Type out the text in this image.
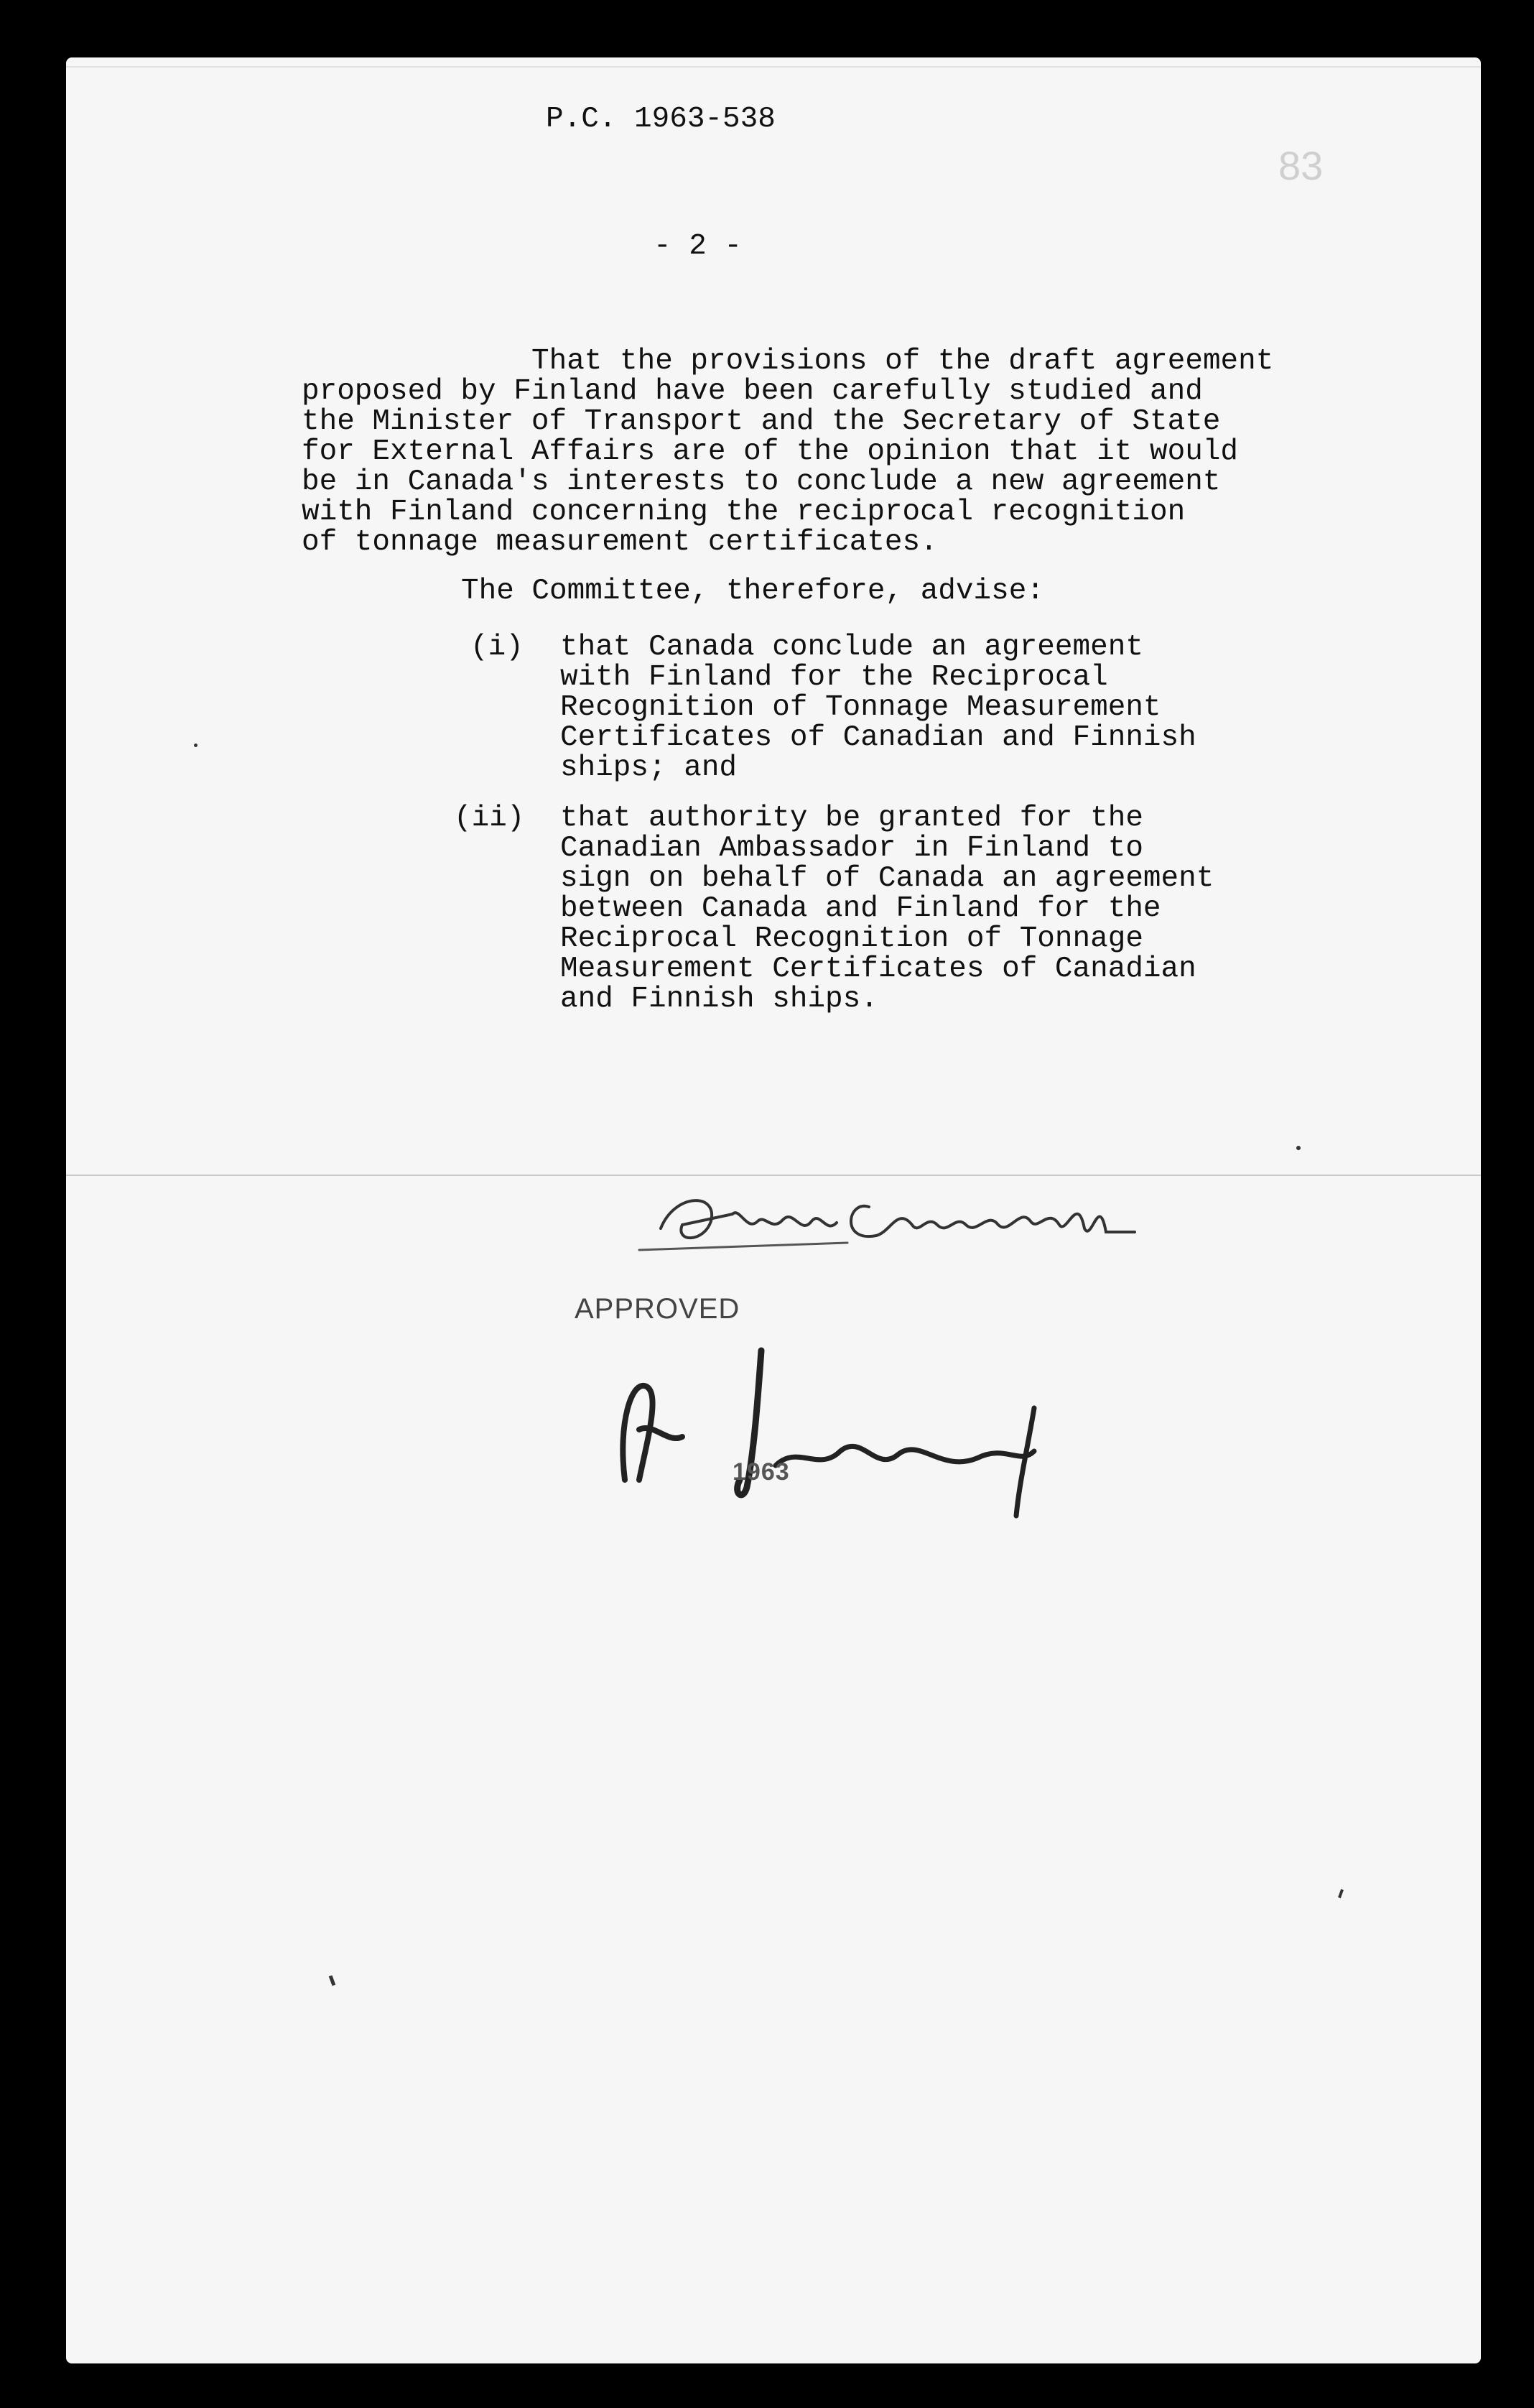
P.C. 1963-538
83
- 2 -
That the provisions of the draft agreement
proposed by Finland have been carefully studied and
the Minister of Transport and the Secretary of State
for External Affairs are of the opinion that it would
be in Canada's interests to conclude a new agreement
with Finland concerning the reciprocal recognition
of tonnage measurement certificates.
The Committee, therefore, advise:
(i) that Canada conclude an agreement
with Finland for the Reciprocal
Recognition of Tonnage Measurement
Certificates of Canadian and Finnish
ships; and
(ii) that authority be granted for the
Canadian Ambassador in Finland to
sign on behalf of Canada an agreement
between Canada and Finland for the
Reciprocal Recognition of Tonnage
Measurement Certificates of Canadian
and Finnish ships.
APPROVED
1963
